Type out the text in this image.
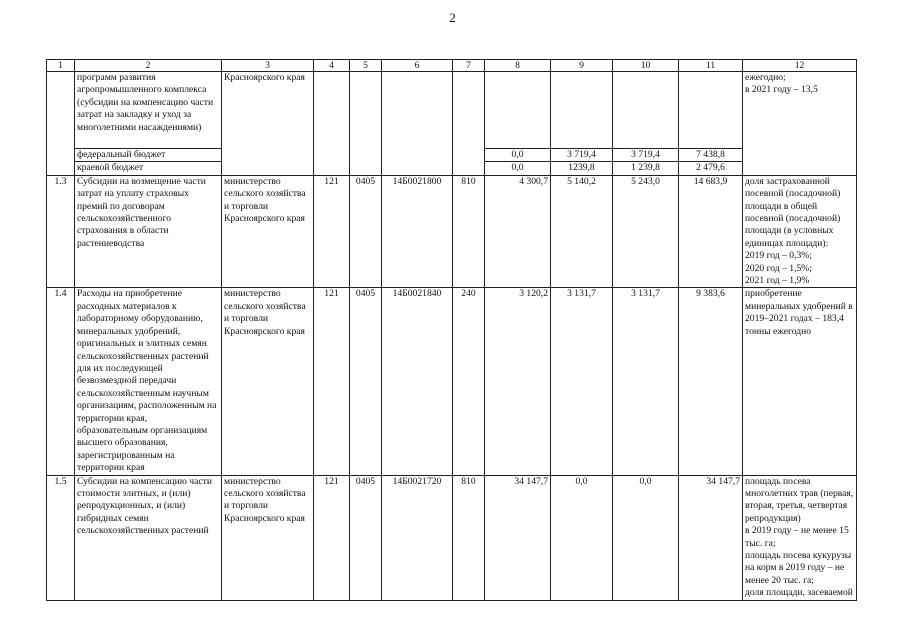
2
1	2	3	4	5	6	7	8	9	10	11	12
	программ развития агропромышленного комплекса (субсидии на компенсацию части затрат на закладку и уход за многолетними насаждениями)	Красноярского края									ежегодно;
в 2021 году – 13,5

	федеральный бюджет						0,0	3 719,4	3 719,4	7 438,8	
	краевой бюджет						0,0	1239,8	1 239,8	2 479,6	
1.3	Субсидии на возмещение части затрат на уплату страховых премий по договорам сельскохозяйственного страхования в области растениеводства	министерство сельского хозяйства и торговли Красноярского края	121	0405	14Б0021800	810	4 300,7	5 140,2	5 243,0	14 683,9	доля застрахованной посевной (посадочной) площади в общей посевной (посадочной) площади (в условных единицах площади):
2019 год – 0,3%;
2020 год – 1,5%;
2021 год – 1,9%

1.4	Расходы на приобретение расходных материалов к лабораторному оборудованию, минеральных удобрений, оригинальных и элитных семян сельскохозяйственных растений для их последующей безвозмездной передачи сельскохозяйственным научным организациям, расположенным на территории края, образовательным организациям высшего образования, зарегистрированным на территории края	министерство сельского хозяйства и торговли Красноярского края	121	0405	14Б0021840	240	3 120,2	3 131,7	3 131,7	9 383,6	приобретение минеральных удобрений в 2019–2021 годах – 183,4 тонны ежегодно

1.5	Субсидии на компенсацию части стоимости элитных, и (или) репродукционных, и (или) гибридных семян сельскохозяйственных растений	министерство сельского хозяйства и торговли Красноярского края	121	0405	14Б0021720	810	34 147,7	0,0	0,0	34 147,7	площадь посева многолетних трав (первая, вторая, третья, четвертая репродукция)
в 2019 году – не менее 15 тыс. га;
площадь посева кукурузы на корм в 2019 году – не менее 20 тыс. га;
доля площади, засеваемой
